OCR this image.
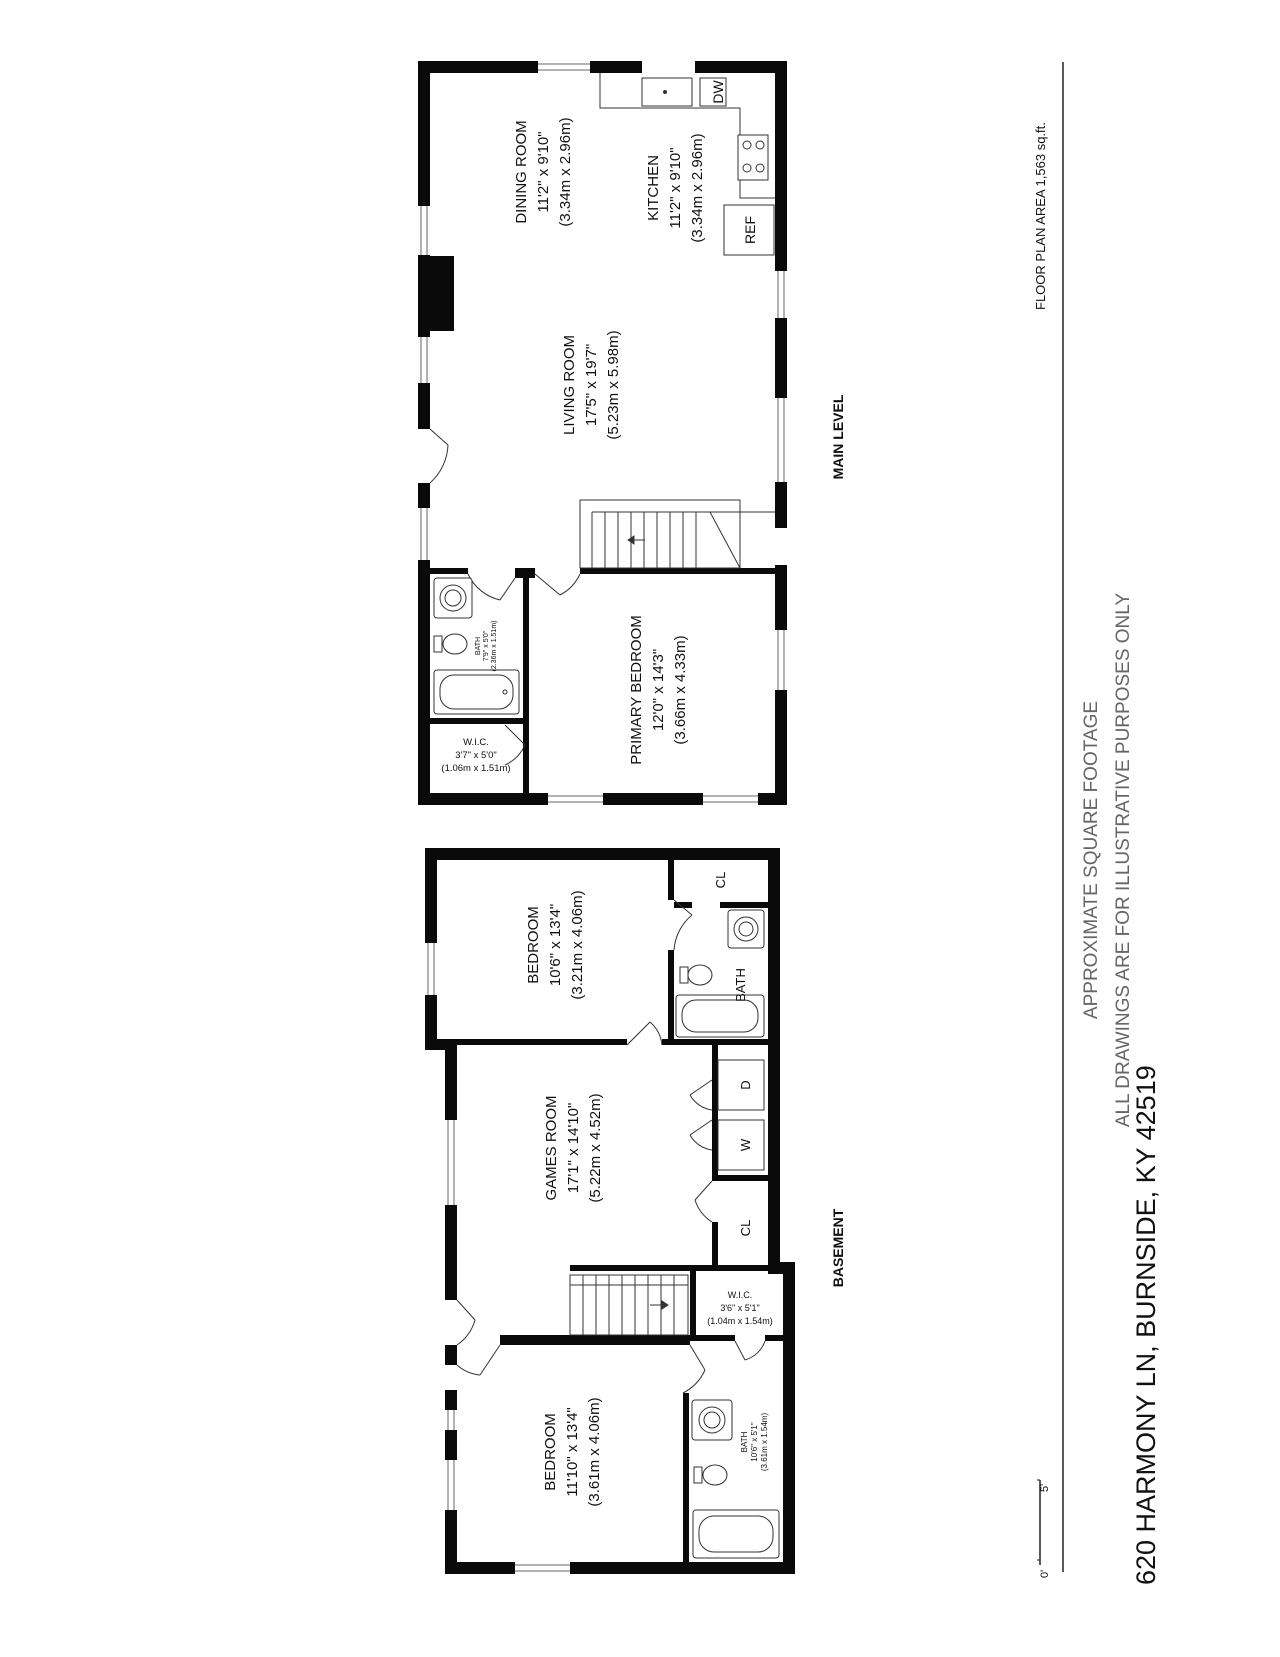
DINING ROOM 11'2" x 9'10" (3.34m x 2.96m)	KITCHEN 11'2" x 9'10" (3.34m x 2.96m)
LIVING ROOM 17'5" x 19'7" (5.23m x 5.98m)
PRIMARY BEDROOM 12'0" x 14'3" (3.66m x 4.33m)
BATH 7'9" x 5'0" (2.36m x 1.51m)
W.I.C.
3'7" x 5'0"
(1.06m x 1.51m)
DW
REF
MAIN LEVEL
BEDROOM 10'6" x 13'4" (3.21m x 4.06m)
GAMES ROOM 17'1" x 14'10" (5.22m x 4.52m)
BEDROOM 11'10" x 13'4" (3.61m x 4.06m)
BATH
BATH 10'6" x 5'1" (3.61m x 1.54m)
W.I.C.
3'6" x 5'1"
(1.04m x 1.54m)
CL
CL
D
W
BASEMENT	620 HARMONY LN, BURNSIDE, KY 42519
APPROXIMATE SQUARE FOOTAGE ALL DRAWINGS ARE FOR ILLUSTRATIVE PURPOSES ONLY
FLOOR PLAN AREA 1,563 sq.ft.
0'
5'
